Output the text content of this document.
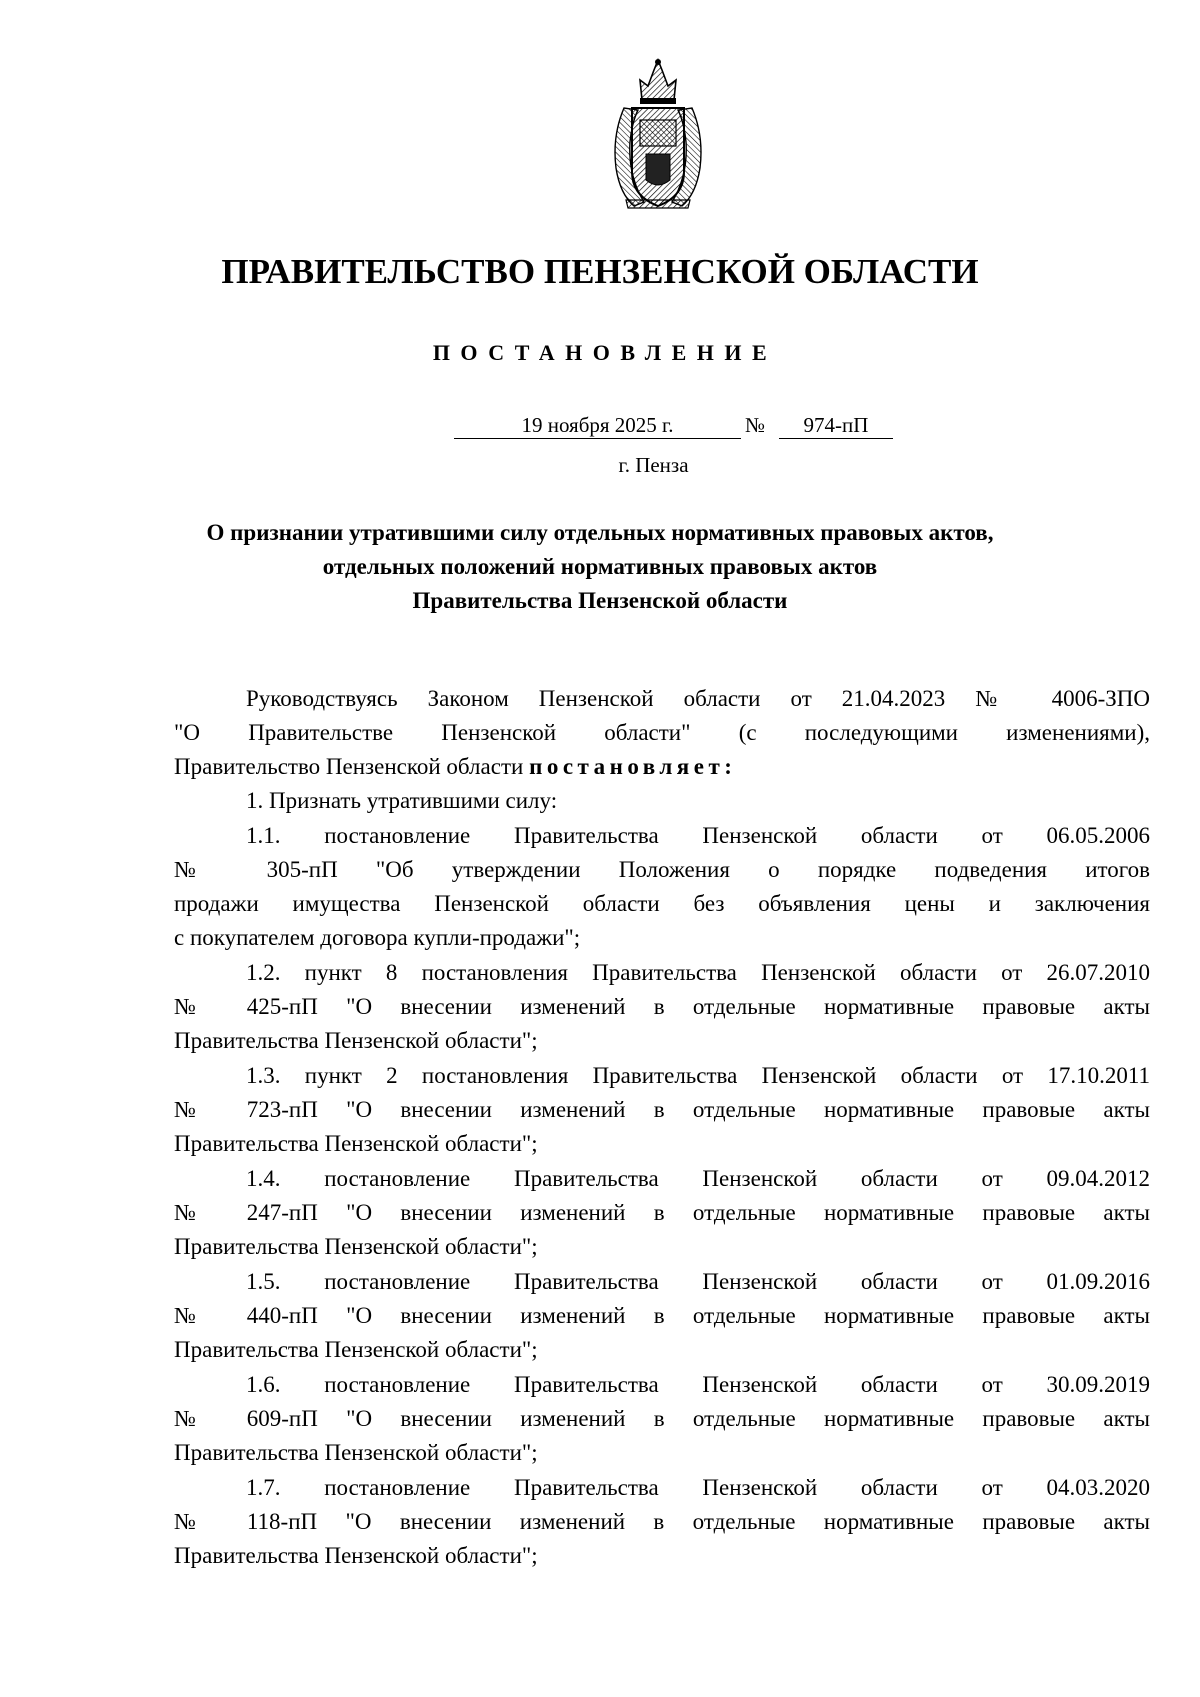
ПРАВИТЕЛЬСТВО ПЕНЗЕНСКОЙ ОБЛАСТИ
ПОСТАНОВЛЕНИЕ
19 ноября 2025 г.	№	974-пП
г. Пенза
О признании утратившими силу отдельных нормативных правовых актов,
отдельных положений нормативных правовых актов
Правительства Пензенской области
Руководствуясь Законом Пензенской области от 21.04.2023 № 4006-ЗПО
"О Правительстве Пензенской области" (с последующими изменениями),
Правительство Пензенской области постановляет:
1. Признать утратившими силу:
1.1. постановление Правительства Пензенской области от 06.05.2006
№ 305-пП "Об утверждении Положения о порядке подведения итогов
продажи имущества Пензенской области без объявления цены и заключения
с покупателем договора купли-продажи";
1.2. пункт 8 постановления Правительства Пензенской области от 26.07.2010
№ 425-пП "О внесении изменений в отдельные нормативные правовые акты
Правительства Пензенской области";
1.3. пункт 2 постановления Правительства Пензенской области от 17.10.2011
№ 723-пП "О внесении изменений в отдельные нормативные правовые акты
Правительства Пензенской области";
1.4. постановление Правительства Пензенской области от 09.04.2012
№ 247-пП "О внесении изменений в отдельные нормативные правовые акты
Правительства Пензенской области";
1.5. постановление Правительства Пензенской области от 01.09.2016
№ 440-пП "О внесении изменений в отдельные нормативные правовые акты
Правительства Пензенской области";
1.6. постановление Правительства Пензенской области от 30.09.2019
№ 609-пП "О внесении изменений в отдельные нормативные правовые акты
Правительства Пензенской области";
1.7. постановление Правительства Пензенской области от 04.03.2020
№ 118-пП "О внесении изменений в отдельные нормативные правовые акты
Правительства Пензенской области";
